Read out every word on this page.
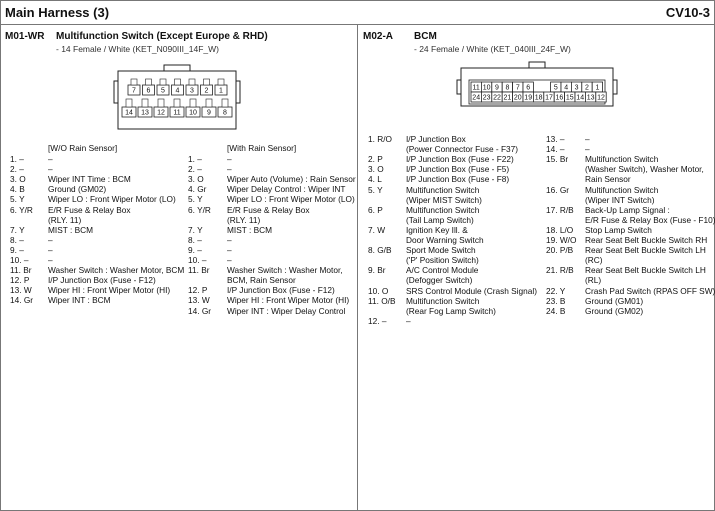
Main Harness (3)	CV10-3
M01-WR Multifunction Switch (Except Europe & RHD)
- 14 Female / White (KET_N090III_14F_W)
7 6 5 4 3 2 1
14 13 12 11 10 9 8
[W/O Rain Sensor]	[With Rain Sensor]
1. –	–
2. –	–
3. O	Wiper INT Time : BCM
4. B	Ground (GM02)
5. Y	Wiper LO : Front Wiper Motor (LO)
6. Y/R E/R Fuse & Relay Box
(RLY. 11)
7. Y	MIST : BCM
8. –	–
9. –	–
10. – –
11. Br Washer Switch : Washer Motor, BCM
12. P I/P Junction Box (Fuse - F12)
13. W Wiper HI : Front Wiper Motor (HI)
14. Gr Wiper INT : BCM
1. –	–
2. –	–
3. O	Wiper Auto (Volume) : Rain Sensor
4. Gr Wiper Delay Control : Wiper INT
5. Y	Wiper LO : Front Wiper Motor (LO)
6. Y/R E/R Fuse & Relay Box
(RLY. 11)
7. Y	MIST : BCM
8. –	–
9. –	–
10. – –
11. Br Washer Switch : Washer Motor,
BCM, Rain Sensor
12. P I/P Junction Box (Fuse - F12)
13. W Wiper HI : Front Wiper Motor (HI)
14. Gr Wiper INT : Wiper Delay Control
M02-A BCM
- 24 Female / White (KET_040III_24F_W)
11 10 9 8 7 6	5 4 3 2 1
24 23 22 21 20 19 18 17 16 15 14 13 12
1. R/O I/P Junction Box
(Power Connector Fuse - F37)
2. P	I/P Junction Box (Fuse - F22)
3. O	I/P Junction Box (Fuse - F5)
4. L	I/P Junction Box (Fuse - F8)
5. Y	Multifunction Switch
(Wiper MIST Switch)
6. P	Multifunction Switch
(Tail Lamp Switch)
7. W	Ignition Key Ill. &
Door Warning Switch
8. G/B Sport Mode Switch
('P' Position Switch)
9. Br A/C Control Module
(Defogger Switch)
10. O SRS Control Module (Crash Signal)
11. O/B Multifunction Switch
(Rear Fog Lamp Switch)
12. – –
13. – –
14. – –
15. Br Multifunction Switch
(Washer Switch), Washer Motor,
Rain Sensor
16. Gr Multifunction Switch
(Wiper INT Switch)
17. R/B Back-Up Lamp Signal :
E/R Fuse & Relay Box (Fuse - F10)
18. L/O Stop Lamp Switch
19. W/O Rear Seat Belt Buckle Switch RH
20. P/B Rear Seat Belt Buckle Switch LH
(RC)
21. R/B Rear Seat Belt Buckle Switch LH
(RL)
22. Y Crash Pad Switch (RPAS OFF SW)
23. B Ground (GM01)
24. B Ground (GM02)
